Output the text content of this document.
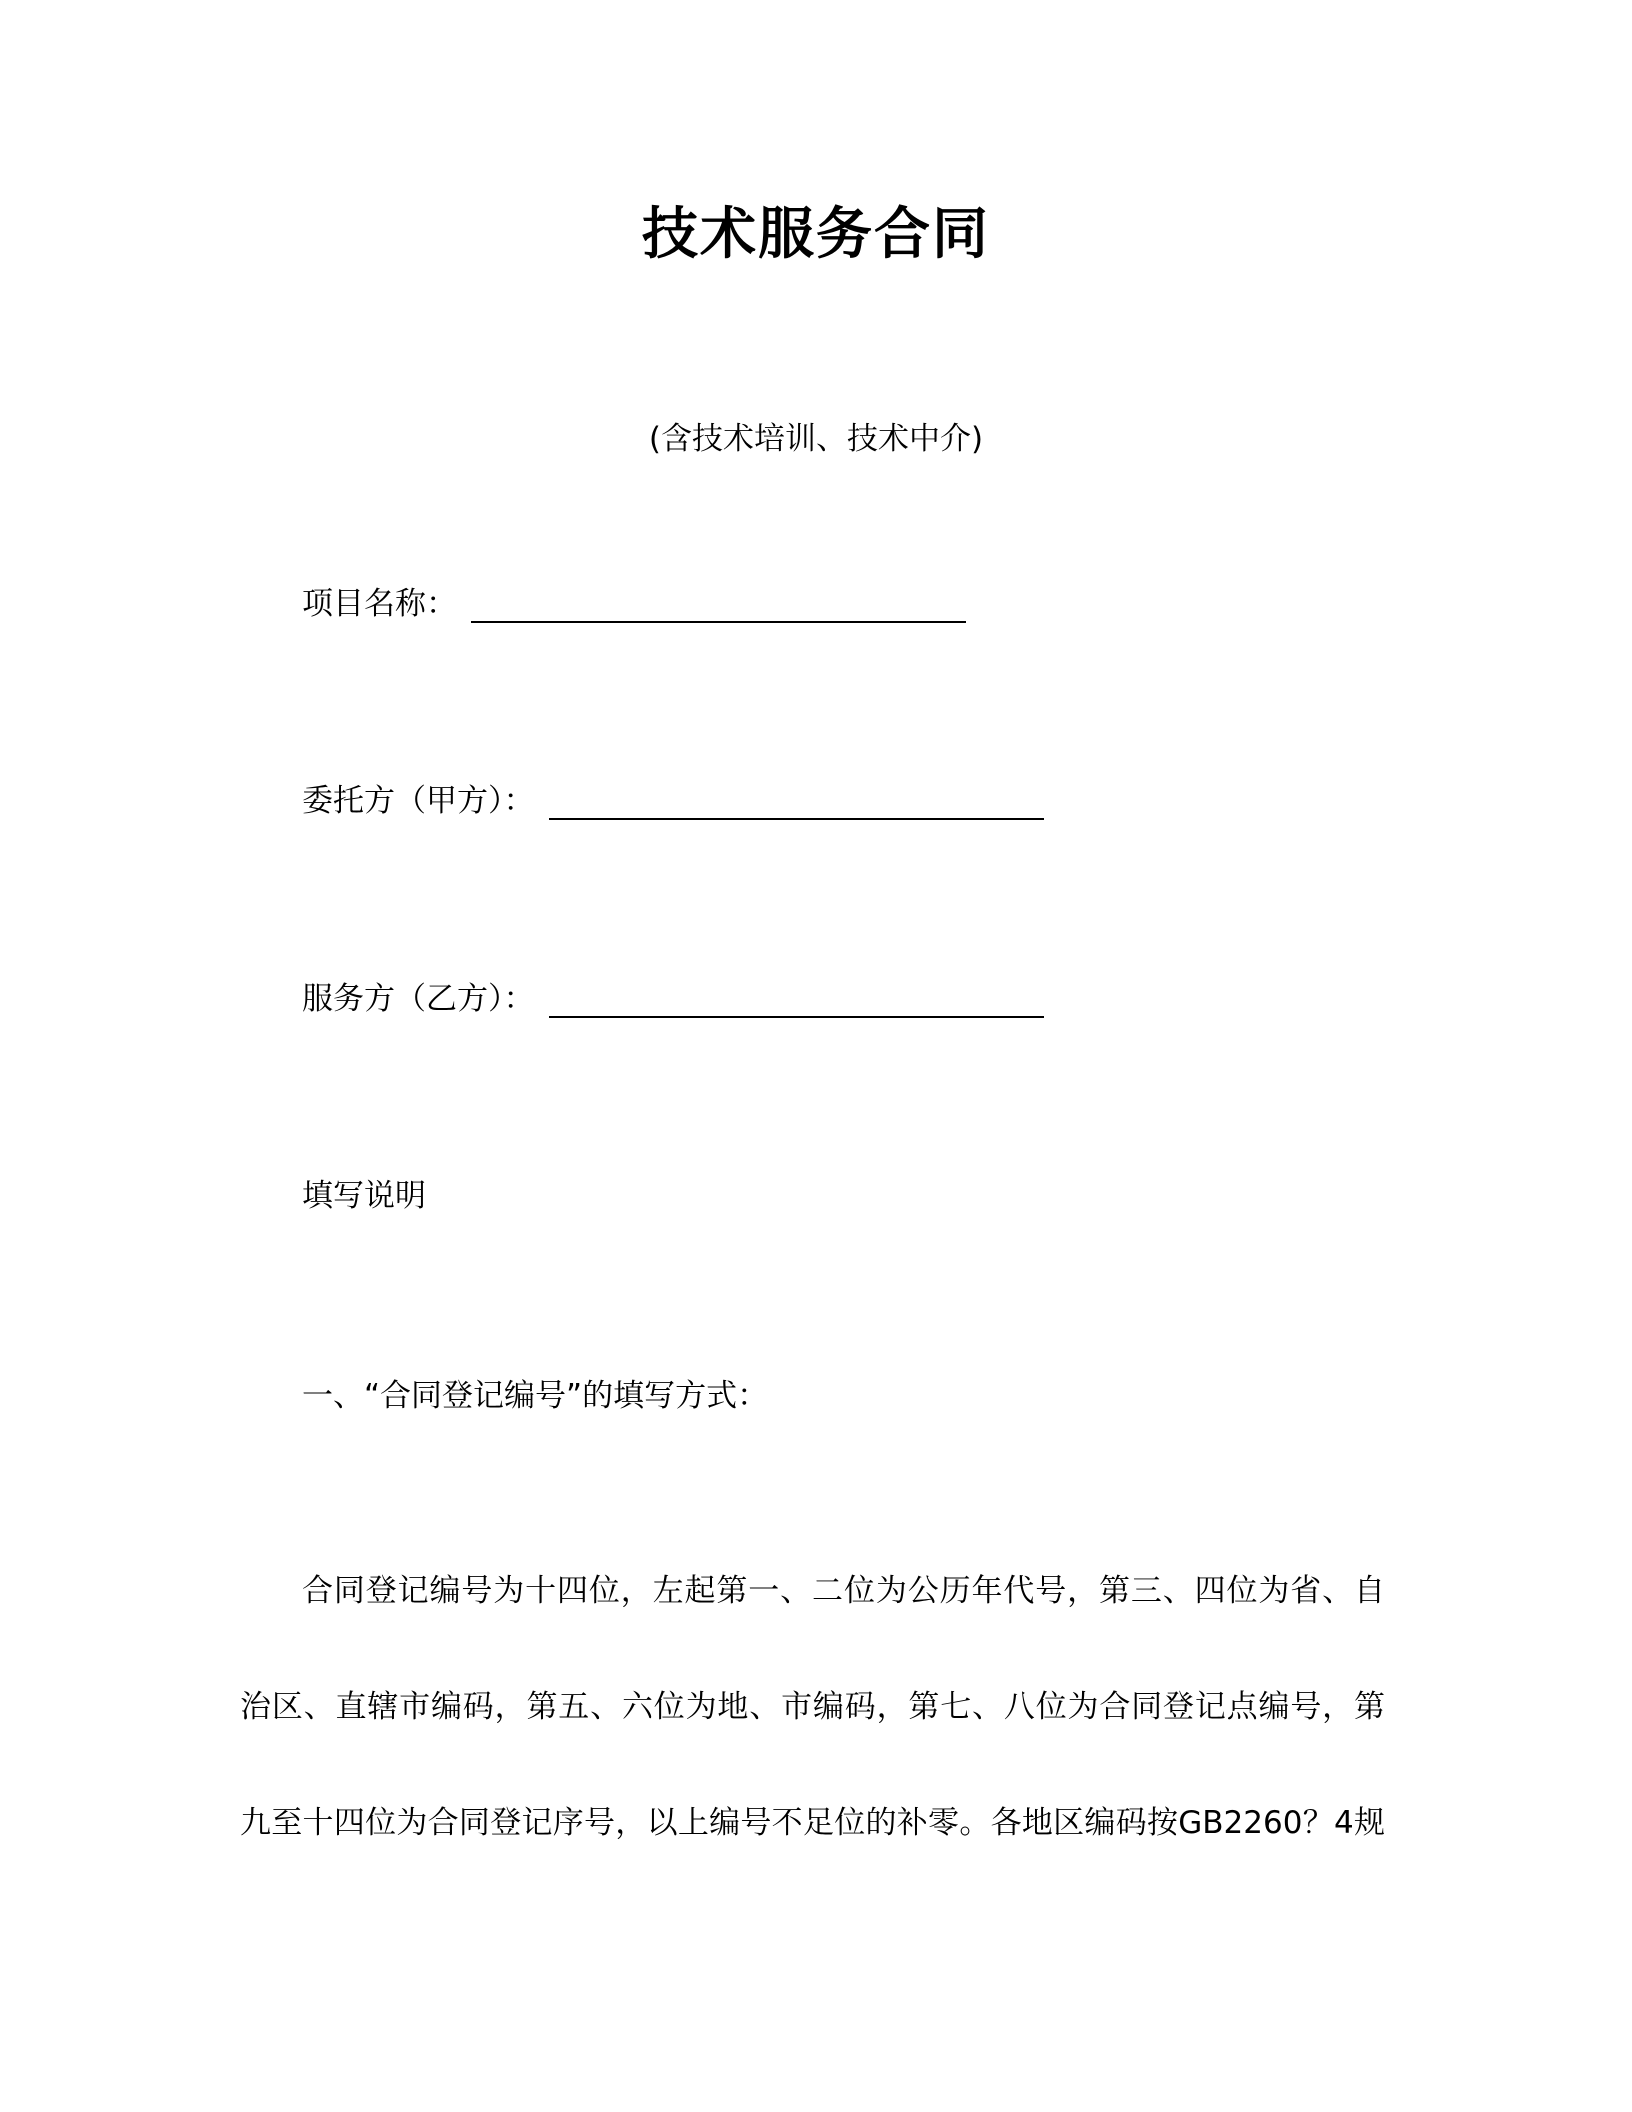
技术服务合同
(含技术培训、技术中介)
项目名称：
委托方（甲方）：
服务方（乙方）：
填写说明
一、“合同登记编号”的填写方式：
合同登记编号为十四位，左起第一、二位为公历年代号，第三、四位为省、自
治区、直辖市编码，第五、六位为地、市编码，第七、八位为合同登记点编号，第
九至十四位为合同登记序号，以上编号不足位的补零。各地区编码按GB2260？4规
